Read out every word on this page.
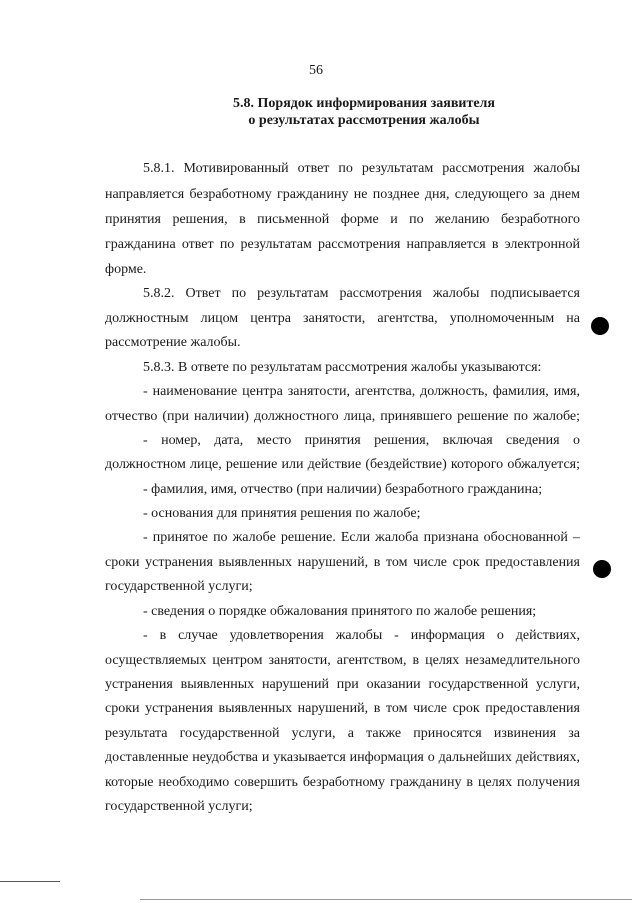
56
5.8. Порядок информирования заявителя
о результатах рассмотрения жалобы
5.8.1. Мотивированный ответ по результатам рассмотрения жалобы
направляется безработному гражданину не позднее дня, следующего за днем
принятия решения, в письменной форме и по желанию безработного
гражданина ответ по результатам рассмотрения направляется в электронной
форме.
5.8.2. Ответ по результатам рассмотрения жалобы подписывается
должностным лицом центра занятости, агентства, уполномоченным на
рассмотрение жалобы.
5.8.3. В ответе по результатам рассмотрения жалобы указываются:
- наименование центра занятости, агентства, должность, фамилия, имя,
отчество (при наличии) должностного лица, принявшего решение по жалобе;
- номер, дата, место принятия решения, включая сведения о
должностном лице, решение или действие (бездействие) которого обжалуется;
- фамилия, имя, отчество (при наличии) безработного гражданина;
- основания для принятия решения по жалобе;
- принятое по жалобе решение. Если жалоба признана обоснованной –
сроки устранения выявленных нарушений, в том числе срок предоставления
государственной услуги;
- сведения о порядке обжалования принятого по жалобе решения;
- в случае удовлетворения жалобы - информация о действиях,
осуществляемых центром занятости, агентством, в целях незамедлительного
устранения выявленных нарушений при оказании государственной услуги,
сроки устранения выявленных нарушений, в том числе срок предоставления
результата государственной услуги, а также приносятся извинения за
доставленные неудобства и указывается информация о дальнейших действиях,
которые необходимо совершить безработному гражданину в целях получения
государственной услуги;
